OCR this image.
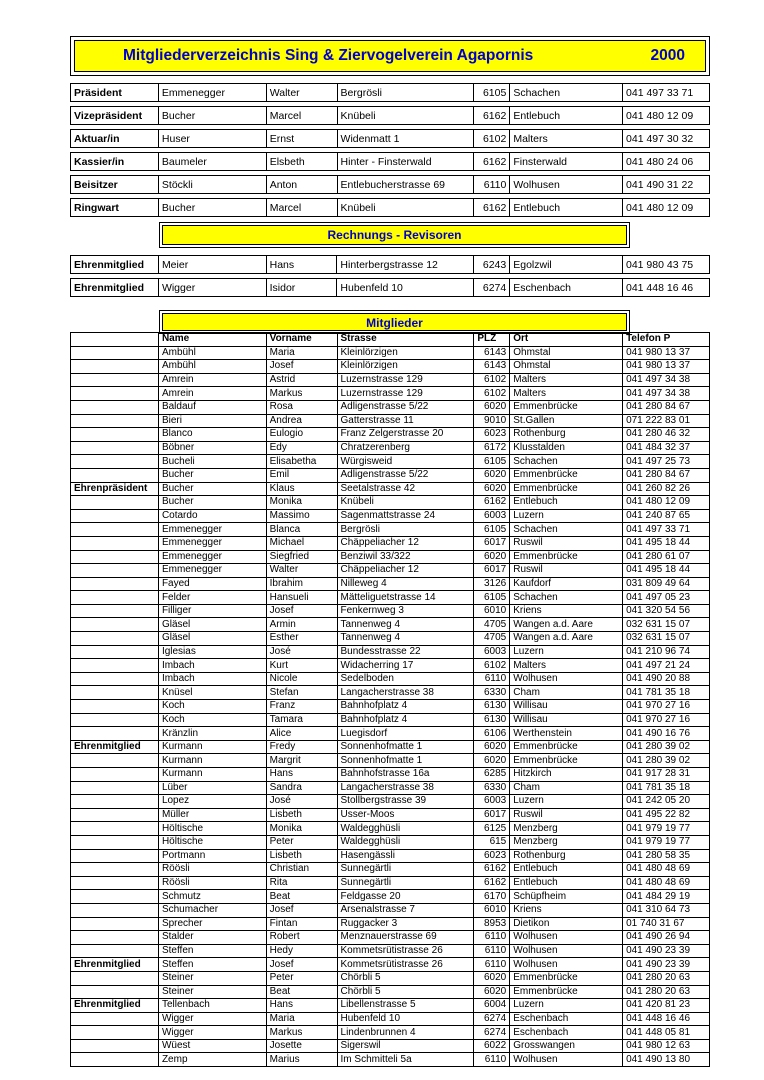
Mitgliederverzeichnis Sing & Ziervogelverein Agapornis	2000
Präsident	Emmenegger	Walter	Bergrösli	6105	Schachen	041 497 33 71

Vizepräsident	Bucher	Marcel	Knübeli	6162	Entlebuch	041 480 12 09

Aktuar/in	Huser	Ernst	Widenmatt 1	6102	Malters	041 497 30 32

Kassier/in	Baumeler	Elsbeth	Hinter - Finsterwald	6162	Finsterwald	041 480 24 06

Beisitzer	Stöckli	Anton	Entlebucherstrasse 69	6110	Wolhusen	041 490 31 22

Ringwart	Bucher	Marcel	Knübeli	6162	Entlebuch	041 480 12 09
Rechnungs - Revisoren
Ehrenmitglied	Meier	Hans	Hinterbergstrasse 12	6243	Egolzwil	041 980 43 75

Ehrenmitglied	Wigger	Isidor	Hubenfeld 10	6274	Eschenbach	041 448 16 46
Mitglieder
	Name	Vorname	Strasse	PLZ	Ort	Telefon P
	Ambühl	Maria	Kleinlörzigen	6143	Ohmstal	041 980 13 37
	Ambühl	Josef	Kleinlörzigen	6143	Ohmstal	041 980 13 37
	Amrein	Astrid	Luzernstrasse 129	6102	Malters	041 497 34 38
	Amrein	Markus	Luzernstrasse 129	6102	Malters	041 497 34 38
	Baldauf	Rosa	Adligenstrasse 5/22	6020	Emmenbrücke	041 280 84 67
	Bieri	Andrea	Gatterstrasse 11	9010	St.Gallen	071 222 83 01
	Blanco	Eulogio	Franz Zelgerstrasse 20	6023	Rothenburg	041 280 46 32
	Böbner	Edy	Chratzerenberg	6172	Klusstalden	041 484 32 37
	Bucheli	Elisabetha	Würgisweid	6105	Schachen	041 497 25 73
	Bucher	Emil	Adligenstrasse 5/22	6020	Emmenbrücke	041 280 84 67
Ehrenpräsident	Bucher	Klaus	Seetalstrasse 42	6020	Emmenbrücke	041 260 82 26
	Bucher	Monika	Knübeli	6162	Entlebuch	041 480 12 09
	Cotardo	Massimo	Sagenmattstrasse 24	6003	Luzern	041 240 87 65
	Emmenegger	Blanca	Bergrösli	6105	Schachen	041 497 33 71
	Emmenegger	Michael	Chäppeliacher 12	6017	Ruswil	041 495 18 44
	Emmenegger	Siegfried	Benziwil 33/322	6020	Emmenbrücke	041 280 61 07
	Emmenegger	Walter	Chäppeliacher 12	6017	Ruswil	041 495 18 44
	Fayed	Ibrahim	Nilleweg 4	3126	Kaufdorf	031 809 49 64
	Felder	Hansueli	Mätteliguetstrasse 14	6105	Schachen	041 497 05 23
	Filliger	Josef	Fenkernweg 3	6010	Kriens	041 320 54 56
	Gläsel	Armin	Tannenweg 4	4705	Wangen a.d. Aare	032 631 15 07
	Gläsel	Esther	Tannenweg 4	4705	Wangen a.d. Aare	032 631 15 07
	Iglesias	José	Bundesstrasse 22	6003	Luzern	041 210 96 74
	Imbach	Kurt	Widacherring 17	6102	Malters	041 497 21 24
	Imbach	Nicole	Sedelboden	6110	Wolhusen	041 490 20 88
	Knüsel	Stefan	Langacherstrasse 38	6330	Cham	041 781 35 18
	Koch	Franz	Bahnhofplatz 4	6130	Willisau	041 970 27 16
	Koch	Tamara	Bahnhofplatz 4	6130	Willisau	041 970 27 16
	Kränzlin	Alice	Luegisdorf	6106	Werthenstein	041 490 16 76
Ehrenmitglied	Kurmann	Fredy	Sonnenhofmatte 1	6020	Emmenbrücke	041 280 39 02
	Kurmann	Margrit	Sonnenhofmatte 1	6020	Emmenbrücke	041 280 39 02
	Kurmann	Hans	Bahnhofstrasse 16a	6285	Hitzkirch	041 917 28 31
	Lüber	Sandra	Langacherstrasse 38	6330	Cham	041 781 35 18
	Lopez	José	Stollbergstrasse 39	6003	Luzern	041 242 05 20
	Müller	Lisbeth	Usser-Moos	6017	Ruswil	041 495 22 82
	Höltische	Monika	Waldegghüsli	6125	Menzberg	041 979 19 77
	Höltische	Peter	Waldegghüsli	615	Menzberg	041 979 19 77
	Portmann	Lisbeth	Hasengässli	6023	Rothenburg	041 280 58 35
	Röösli	Christian	Sunnegärtli	6162	Entlebuch	041 480 48 69
	Röösli	Rita	Sunnegärtli	6162	Entlebuch	041 480 48 69
	Schmutz	Beat	Feldgasse 20	6170	Schüpfheim	041 484 29 19
	Schumacher	Josef	Arsenalstrasse 7	6010	Kriens	041 310 64 73
	Sprecher	Fintan	Ruggacker 3	8953	Dietikon	01 740 31 67
	Stalder	Robert	Menznauerstrasse 69	6110	Wolhusen	041 490 26 94
	Steffen	Hedy	Kommetsrütistrasse 26	6110	Wolhusen	041 490 23 39
Ehrenmitglied	Steffen	Josef	Kommetsrütistrasse 26	6110	Wolhusen	041 490 23 39
	Steiner	Peter	Chörbli 5	6020	Emmenbrücke	041 280 20 63
	Steiner	Beat	Chörbli 5	6020	Emmenbrücke	041 280 20 63
Ehrenmitglied	Tellenbach	Hans	Libellenstrasse 5	6004	Luzern	041 420 81 23
	Wigger	Maria	Hubenfeld 10	6274	Eschenbach	041 448 16 46
	Wigger	Markus	Lindenbrunnen 4	6274	Eschenbach	041 448 05 81
	Wüest	Josette	Sigerswil	6022	Grosswangen	041 980 12 63
	Zemp	Marius	Im Schmitteli 5a	6110	Wolhusen	041 490 13 80
